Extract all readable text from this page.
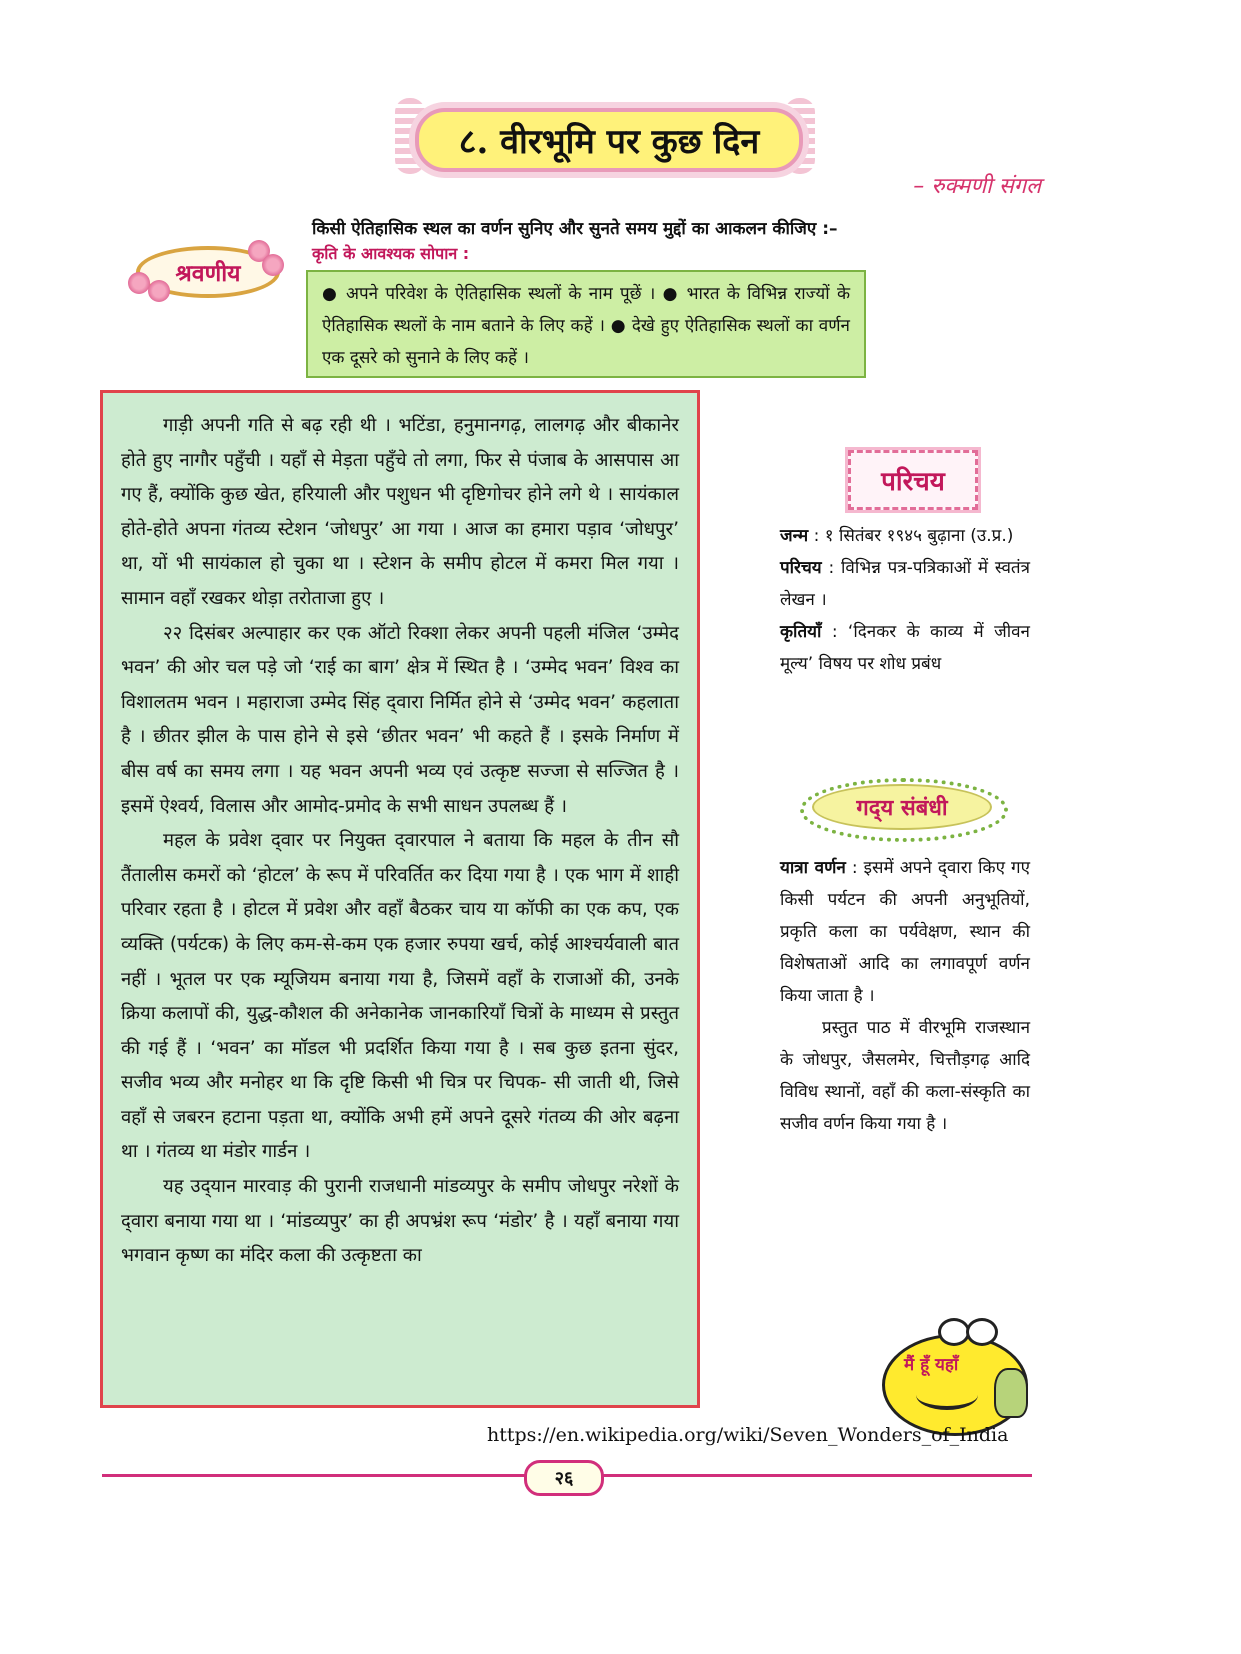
८. वीरभूमि पर कुछ दिन
– रुक्मणी संगल
श्रवणीय
किसी ऐतिहासिक स्थल का वर्णन सुनिए और सुनते समय मुद्दों का आकलन कीजिए :–
कृति के आवश्यक सोपान :
● अपने परिवेश के ऐतिहासिक स्थलों के नाम पूछें । ● भारत के विभिन्न राज्यों के ऐतिहासिक स्थलों के नाम बताने के लिए कहें । ● देखे हुए ऐतिहासिक स्थलों का वर्णन एक दूसरे को सुनाने के लिए कहें ।

गाड़ी अपनी गति से बढ़ रही थी । भटिंडा, हनुमानगढ़, लालगढ़ और बीकानेर होते हुए नागौर पहुँची । यहाँ से मेड़ता पहुँचे तो लगा, फिर से पंजाब के आसपास आ गए हैं, क्योंकि कुछ खेत, हरियाली और पशुधन भी दृष्टिगोचर होने लगे थे । सायंकाल होते-होते अपना गंतव्य स्टेशन ‘जोधपुर’ आ गया । आज का हमारा पड़ाव ‘जोधपुर’ था, यों भी सायंकाल हो चुका था । स्टेशन के समीप होटल में कमरा मिल गया । सामान वहाँ रखकर थोड़ा तरोताजा हुए ।

२२ दिसंबर अल्पाहार कर एक ऑटो रिक्शा लेकर अपनी पहली मंजिल ‘उम्मेद भवन’ की ओर चल पड़े जो ‘राई का बाग’ क्षेत्र में स्थित है । ‘उम्मेद भवन’ विश्व का विशालतम भवन । महाराजा उम्मेद सिंह द्‌वारा निर्मित होने से ‘उम्मेद भवन’ कहलाता है । छीतर झील के पास होने से इसे ‘छीतर भवन’ भी कहते हैं । इसके निर्माण में बीस वर्ष का समय लगा । यह भवन अपनी भव्य एवं उत्कृष्ट सज्जा से सज्जित है । इसमें ऐश्वर्य, विलास और आमोद-प्रमोद के सभी साधन उपलब्ध हैं ।

महल के प्रवेश द्‌वार पर नियुक्त द्‌वारपाल ने बताया कि महल के तीन सौ तैंतालीस कमरों को ‘होटल’ के रूप में परिवर्तित कर दिया गया है । एक भाग में शाही परिवार रहता है । होटल में प्रवेश और वहाँ बैठकर चाय या कॉफी का एक कप, एक व्यक्ति (पर्यटक) के लिए कम-से-कम एक हजार रुपया खर्च, कोई आश्चर्यवाली बात नहीं । भूतल पर एक म्यूजियम बनाया गया है, जिसमें वहाँ के राजाओं की, उनके क्रिया कलापों की, युद्ध-कौशल की अनेकानेक जानकारियाँ चित्रों के माध्यम से प्रस्तुत की गई हैं । ‘भवन’ का मॉडल भी प्रदर्शित किया गया है । सब कुछ इतना सुंदर, सजीव भव्य और मनोहर था कि दृष्टि किसी भी चित्र पर चिपक- सी जाती थी, जिसे वहाँ से जबरन हटाना पड़ता था, क्योंकि अभी हमें अपने दूसरे गंतव्य की ओर बढ़ना था । गंतव्य था मंडोर गार्डन ।

यह उद्‌यान मारवाड़ की पुरानी राजधानी मांडव्यपुर के समीप जोधपुर नरेशों के द्‌वारा बनाया गया था । ‘मांडव्यपुर’ का ही अपभ्रंश रूप ‘मंडोर’ है । यहाँ बनाया गया भगवान कृष्ण का मंदिर कला की उत्कृष्टता का

परिचय

जन्म : १ सितंबर १९४५ बुढ़ाना (उ.प्र.)

परिचय : विभिन्न पत्र-पत्रिकाओं में स्वतंत्र लेखन ।

कृतियाँ : ‘दिनकर के काव्य में जीवन मूल्य’ विषय पर शोध प्रबंध

गद्‌य संबंधी

यात्रा वर्णन : इसमें अपने द्‌वारा किए गए किसी पर्यटन की अपनी अनुभूतियों, प्रकृति कला का पर्यवेक्षण, स्थान की विशेषताओं आदि का लगावपूर्ण वर्णन किया जाता है ।

प्रस्तुत पाठ में वीरभूमि राजस्थान के जोधपुर, जैसलमेर, चित्तौड़गढ़ आदि विविध स्थानों, वहाँ की कला-संस्कृति का सजीव वर्णन किया गया है ।

मैं हूँ यहाँ
https://en.wikipedia.org/wiki/Seven_Wonders_of_India
२६
